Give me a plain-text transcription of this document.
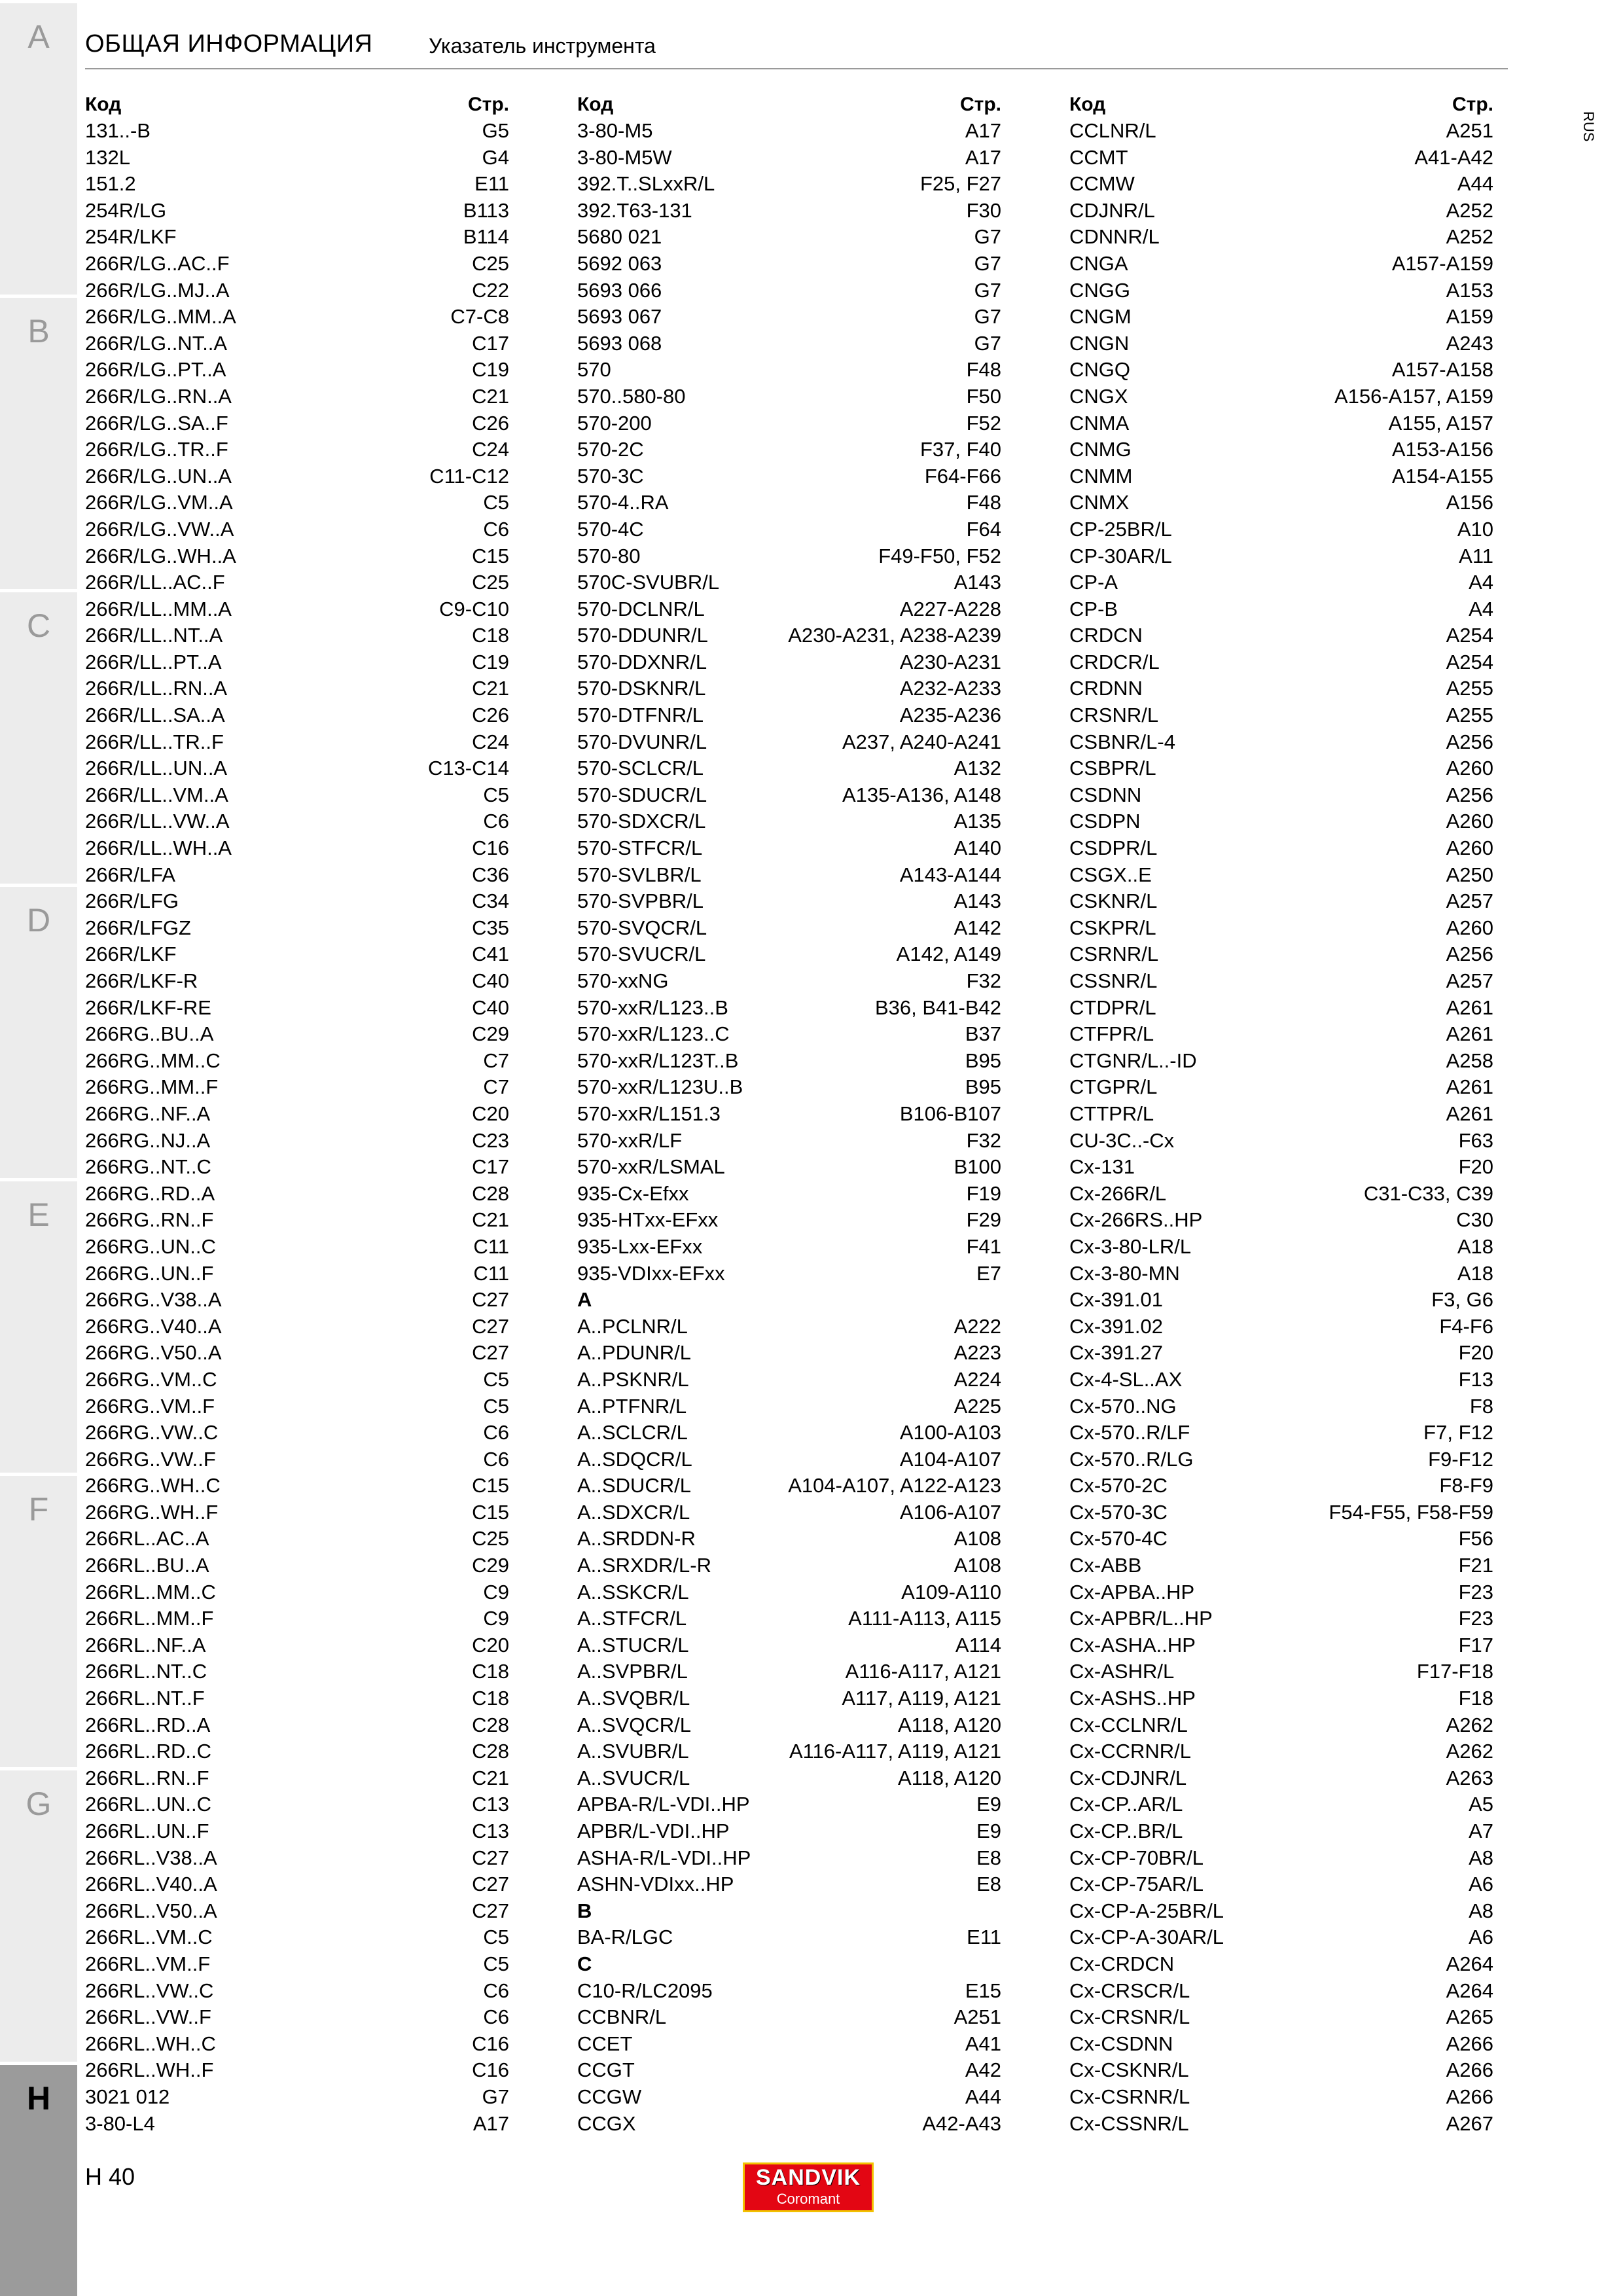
A
B
C
D
E
F
G
H
ОБЩАЯ ИНФОРМАЦИЯ	Указатель инструмента
RUS
Код	Стр.
131..-B	G5
132L	G4
151.2	E11
254R/LG	B113
254R/LKF	B114
266R/LG..AC..F	C25
266R/LG..MJ..A	C22
266R/LG..MM..A	C7-C8
266R/LG..NT..A	C17
266R/LG..PT..A	C19
266R/LG..RN..A	C21
266R/LG..SA..F	C26
266R/LG..TR..F	C24
266R/LG..UN..A	C11-C12
266R/LG..VM..A	C5
266R/LG..VW..A	C6
266R/LG..WH..A	C15
266R/LL..AC..F	C25
266R/LL..MM..A	C9-C10
266R/LL..NT..A	C18
266R/LL..PT..A	C19
266R/LL..RN..A	C21
266R/LL..SA..A	C26
266R/LL..TR..F	C24
266R/LL..UN..A	C13-C14
266R/LL..VM..A	C5
266R/LL..VW..A	C6
266R/LL..WH..A	C16
266R/LFA	C36
266R/LFG	C34
266R/LFGZ	C35
266R/LKF	C41
266R/LKF-R	C40
266R/LKF-RE	C40
266RG..BU..A	C29
266RG..MM..C	C7
266RG..MM..F	C7
266RG..NF..A	C20
266RG..NJ..A	C23
266RG..NT..C	C17
266RG..RD..A	C28
266RG..RN..F	C21
266RG..UN..C	C11
266RG..UN..F	C11
266RG..V38..A	C27
266RG..V40..A	C27
266RG..V50..A	C27
266RG..VM..C	C5
266RG..VM..F	C5
266RG..VW..C	C6
266RG..VW..F	C6
266RG..WH..C	C15
266RG..WH..F	C15
266RL..AC..A	C25
266RL..BU..A	C29
266RL..MM..C	C9
266RL..MM..F	C9
266RL..NF..A	C20
266RL..NT..C	C18
266RL..NT..F	C18
266RL..RD..A	C28
266RL..RD..C	C28
266RL..RN..F	C21
266RL..UN..C	C13
266RL..UN..F	C13
266RL..V38..A	C27
266RL..V40..A	C27
266RL..V50..A	C27
266RL..VM..C	C5
266RL..VM..F	C5
266RL..VW..C	C6
266RL..VW..F	C6
266RL..WH..C	C16
266RL..WH..F	C16
3021 012	G7
3-80-L4	A17
Код	Стр.
3-80-M5	A17
3-80-M5W	A17
392.T..SLxxR/L	F25, F27
392.T63-131	F30
5680 021	G7
5692 063	G7
5693 066	G7
5693 067	G7
5693 068	G7
570	F48
570..580-80	F50
570-200	F52
570-2C	F37, F40
570-3C	F64-F66
570-4..RA	F48
570-4C	F64
570-80	F49-F50, F52
570C-SVUBR/L	A143
570-DCLNR/L	A227-A228
570-DDUNR/L	A230-A231, A238-A239
570-DDXNR/L	A230-A231
570-DSKNR/L	A232-A233
570-DTFNR/L	A235-A236
570-DVUNR/L	A237, A240-A241
570-SCLCR/L	A132
570-SDUCR/L	A135-A136, A148
570-SDXCR/L	A135
570-STFCR/L	A140
570-SVLBR/L	A143-A144
570-SVPBR/L	A143
570-SVQCR/L	A142
570-SVUCR/L	A142, A149
570-xxNG	F32
570-xxR/L123..B	B36, B41-B42
570-xxR/L123..C	B37
570-xxR/L123T..B	B95
570-xxR/L123U..B	B95
570-xxR/L151.3	B106-B107
570-xxR/LF	F32
570-xxR/LSMAL	B100
935-Cx-Efxx	F19
935-HTxx-EFxx	F29
935-Lxx-EFxx	F41
935-VDIxx-EFxx	E7
A
A..PCLNR/L	A222
A..PDUNR/L	A223
A..PSKNR/L	A224
A..PTFNR/L	A225
A..SCLCR/L	A100-A103
A..SDQCR/L	A104-A107
A..SDUCR/L	A104-A107, A122-A123
A..SDXCR/L	A106-A107
A..SRDDN-R	A108
A..SRXDR/L-R	A108
A..SSKCR/L	A109-A110
A..STFCR/L	A111-A113, A115
A..STUCR/L	A114
A..SVPBR/L	A116-A117, A121
A..SVQBR/L	A117, A119, A121
A..SVQCR/L	A118, A120
A..SVUBR/L	A116-A117, A119, A121
A..SVUCR/L	A118, A120
APBA-R/L-VDI..HP	E9
APBR/L-VDI..HP	E9
ASHA-R/L-VDI..HP	E8
ASHN-VDIxx..HP	E8
B
BA-R/LGC	E11
C
C10-R/LC2095	E15
CCBNR/L	A251
CCET	A41
CCGT	A42
CCGW	A44
CCGX	A42-A43
Код	Стр.
CCLNR/L	A251
CCMT	A41-A42
CCMW	A44
CDJNR/L	A252
CDNNR/L	A252
CNGA	A157-A159
CNGG	A153
CNGM	A159
CNGN	A243
CNGQ	A157-A158
CNGX	A156-A157, A159
CNMA	A155, A157
CNMG	A153-A156
CNMM	A154-A155
CNMX	A156
CP-25BR/L	A10
CP-30AR/L	A11
CP-A	A4
CP-B	A4
CRDCN	A254
CRDCR/L	A254
CRDNN	A255
CRSNR/L	A255
CSBNR/L-4	A256
CSBPR/L	A260
CSDNN	A256
CSDPN	A260
CSDPR/L	A260
CSGX..E	A250
CSKNR/L	A257
CSKPR/L	A260
CSRNR/L	A256
CSSNR/L	A257
CTDPR/L	A261
CTFPR/L	A261
CTGNR/L..-ID	A258
CTGPR/L	A261
CTTPR/L	A261
CU-3C..-Cx	F63
Cx-131	F20
Cx-266R/L	C31-C33, C39
Cx-266RS..HP	C30
Cx-3-80-LR/L	A18
Cx-3-80-MN	A18
Cx-391.01	F3, G6
Cx-391.02	F4-F6
Cx-391.27	F20
Cx-4-SL..AX	F13
Cx-570..NG	F8
Cx-570..R/LF	F7, F12
Cx-570..R/LG	F9-F12
Cx-570-2C	F8-F9
Cx-570-3C	F54-F55, F58-F59
Cx-570-4C	F56
Cx-ABB	F21
Cx-APBA..HP	F23
Cx-APBR/L..HP	F23
Cx-ASHA..HP	F17
Cx-ASHR/L	F17-F18
Cx-ASHS..HP	F18
Cx-CCLNR/L	A262
Cx-CCRNR/L	A262
Cx-CDJNR/L	A263
Cx-CP..AR/L	A5
Cx-CP..BR/L	A7
Cx-CP-70BR/L	A8
Cx-CP-75AR/L	A6
Cx-CP-A-25BR/L	A8
Cx-CP-A-30AR/L	A6
Cx-CRDCN	A264
Cx-CRSCR/L	A264
Cx-CRSNR/L	A265
Cx-CSDNN	A266
Cx-CSKNR/L	A266
Cx-CSRNR/L	A266
Cx-CSSNR/L	A267
H 40	SANDVIK
Coromant
